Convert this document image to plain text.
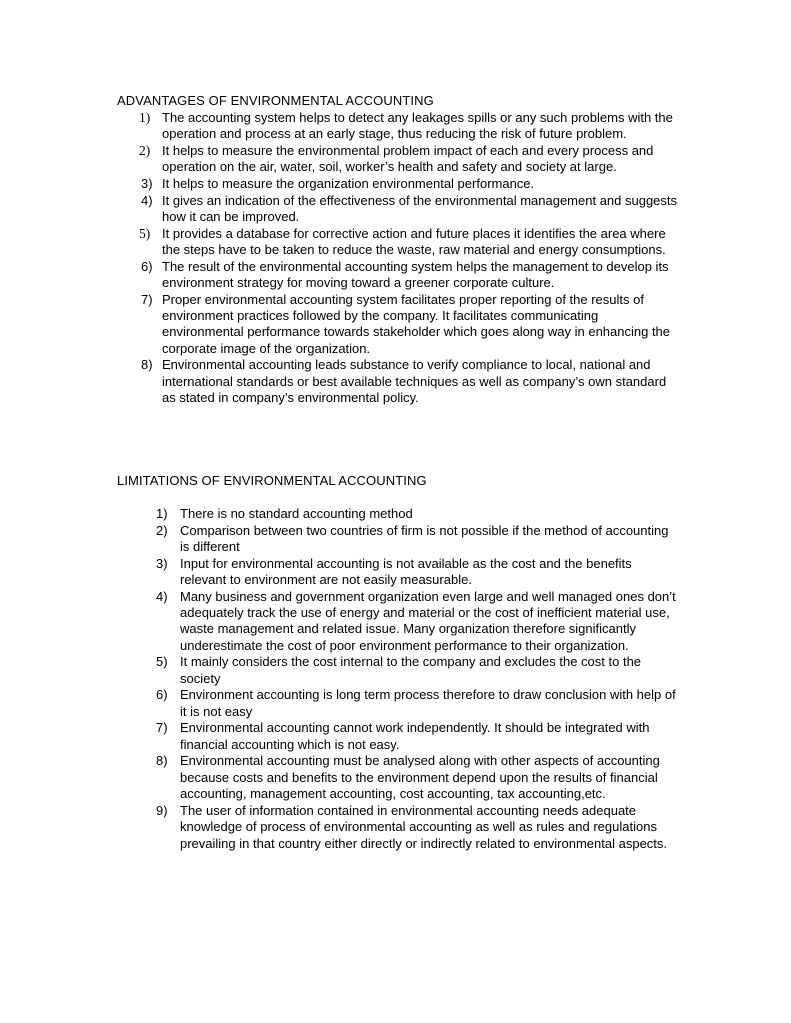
ADVANTAGES OF ENVIRONMENTAL ACCOUNTING
1) The accounting system helps to detect any leakages spills or any such problems with the operation and process at an early stage, thus reducing the risk of future problem.
2) It helps to measure the environmental problem impact of each and every process and operation on the air, water, soil, worker’s health and safety and society at large.
3) It helps to measure the organization environmental performance.
4) It gives an indication of the effectiveness of the environmental management and suggests how it can be improved.
5) It provides a database for corrective action and future places it identifies the area where the steps have to be taken to reduce the waste, raw material and energy consumptions.
6) The result of the environmental accounting system helps the management to develop its environment strategy for moving toward a greener corporate culture.
7) Proper environmental accounting system facilitates proper reporting of the results of environment practices followed by the company. It facilitates communicating environmental performance towards stakeholder which goes along way in enhancing the corporate image of the organization.
8) Environmental accounting leads substance to verify compliance to local, national and international standards or best available techniques as well as company’s own standard as stated in company’s environmental policy.
LIMITATIONS OF ENVIRONMENTAL ACCOUNTING
1) There is no standard accounting method
2) Comparison between two countries of firm is not possible if the method of accounting is different
3) Input for environmental accounting is not available as the cost and the benefits relevant to environment are not easily measurable.
4) Many business and government organization even large and well managed ones don’t adequately track the use of energy and material or the cost of inefficient material use, waste management and related issue. Many organization therefore significantly underestimate the cost of poor environment performance to their organization.
5) It mainly considers the cost internal to the company and excludes the cost to the society
6) Environment accounting is long term process therefore to draw conclusion with help of it is not easy
7) Environmental accounting cannot work independently. It should be integrated with financial accounting which is not easy.
8) Environmental accounting must be analysed along with other aspects of accounting because costs and benefits to the environment depend upon the results of financial accounting, management accounting, cost accounting, tax accounting,etc.
9) The user of information contained in environmental accounting needs adequate knowledge of process of environmental accounting as well as rules and regulations prevailing in that country either directly or indirectly related to environmental aspects.
